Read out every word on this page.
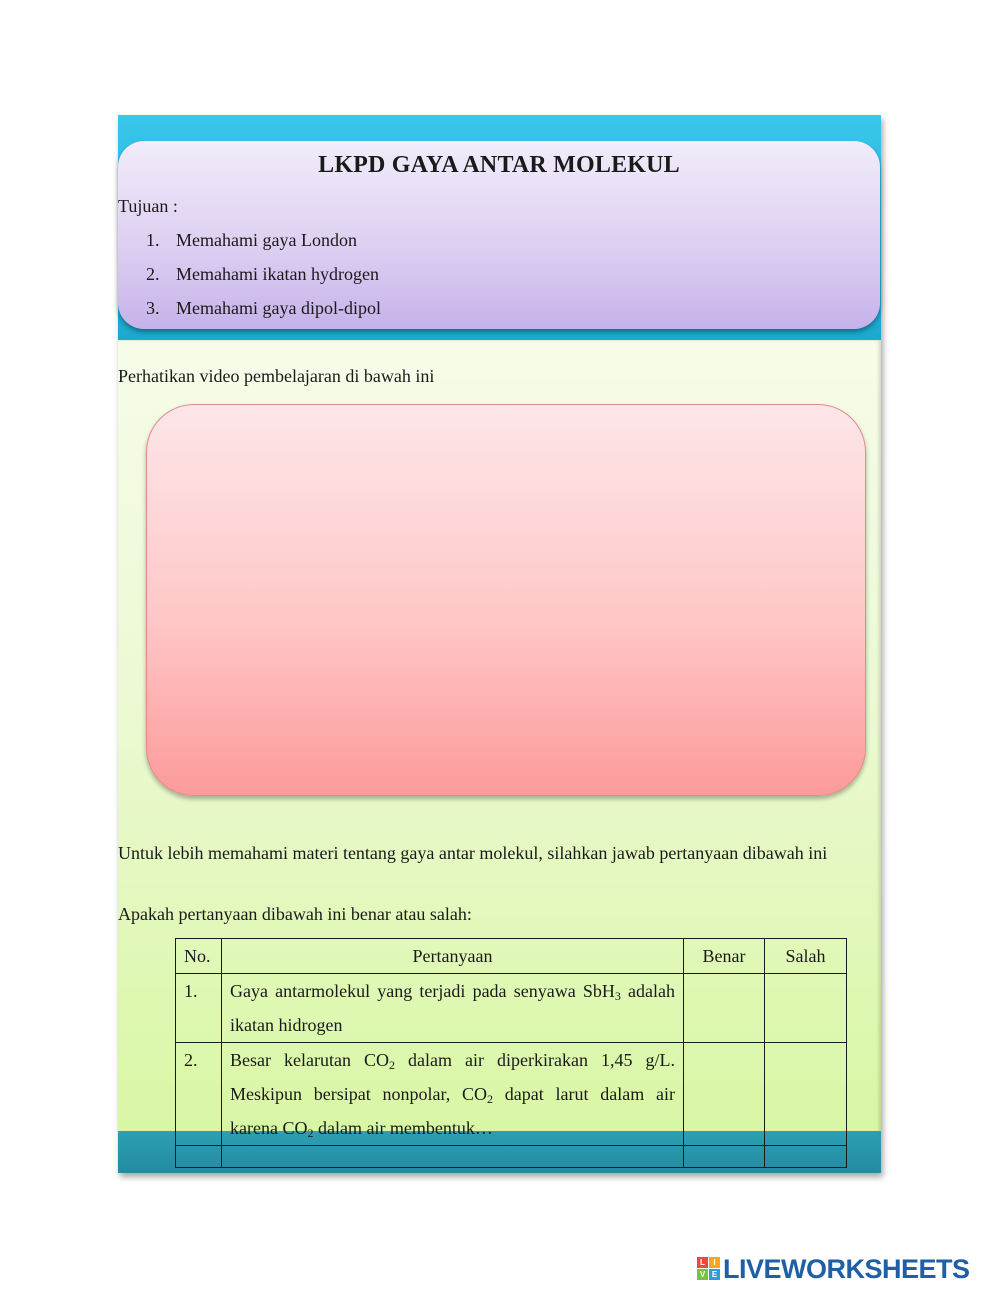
LKPD GAYA ANTAR MOLEKUL
Tujuan :
1. Memahami gaya London
2. Memahami ikatan hydrogen
3. Memahami gaya dipol-dipol
Perhatikan video pembelajaran di bawah ini
Untuk lebih memahami materi tentang gaya antar molekul, silahkan jawab pertanyaan dibawah ini
Apakah pertanyaan dibawah ini benar atau salah:
No.	Pertanyaan	Benar	Salah
1.	Gaya antarmolekul yang terjadi pada senyawa SbH$_3$ adalah ikatan hidrogen		
2.	Besar kelarutan $CO_2$ dalam air diperkirakan 1,45 g/L. Meskipun bersipat nonpolar, $CO_2$ dapat larut dalam air karena $CO_2$ dalam air membentuk…		

L	I
V E LIVEWORKSHEETS
